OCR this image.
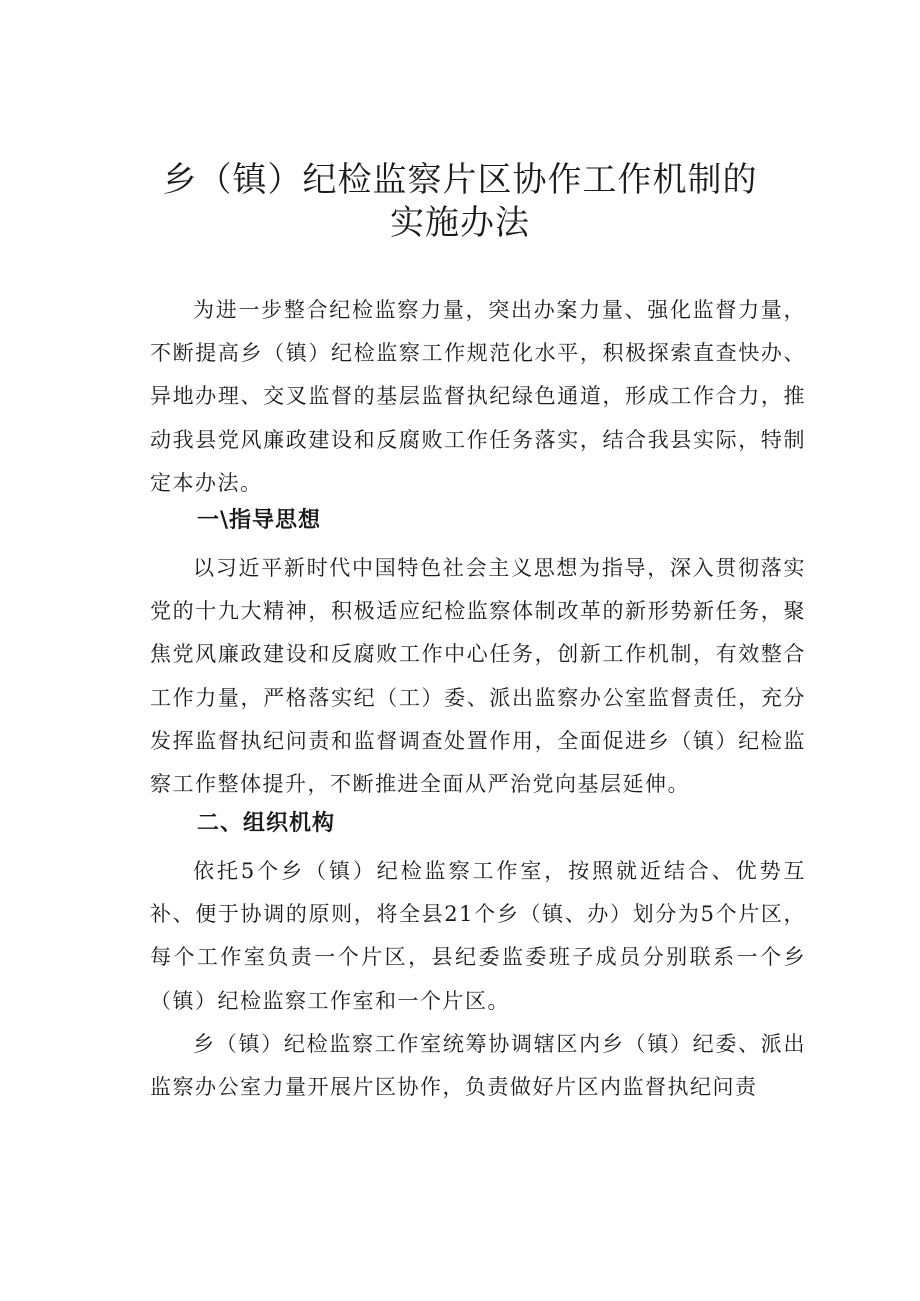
乡（镇）纪检监察片区协作工作机制的
实施办法

为进一步整合纪检监察力量，突出办案力量、强化监督力量，不断提高乡（镇）纪检监察工作规范化水平，积极探索直查快办、异地办理、交叉监督的基层监督执纪绿色通道，形成工作合力，推动我县党风廉政建设和反腐败工作任务落实，结合我县实际，特制定本办法。

一\指导思想

以习近平新时代中国特色社会主义思想为指导，深入贯彻落实党的十九大精神，积极适应纪检监察体制改革的新形势新任务，聚焦党风廉政建设和反腐败工作中心任务，创新工作机制，有效整合工作力量，严格落实纪（工）委、派出监察办公室监督责任，充分发挥监督执纪问责和监督调查处置作用，全面促进乡（镇）纪检监察工作整体提升，不断推进全面从严治党向基层延伸。

二、组织机构

依托5个乡（镇）纪检监察工作室，按照就近结合、优势互补、便于协调的原则，将全县21个乡（镇、办）划分为5个片区，每个工作室负责一个片区，县纪委监委班子成员分别联系一个乡（镇）纪检监察工作室和一个片区。

乡（镇）纪检监察工作室统筹协调辖区内乡（镇）纪委、派出监察办公室力量开展片区协作，负责做好片区内监督执纪问责
